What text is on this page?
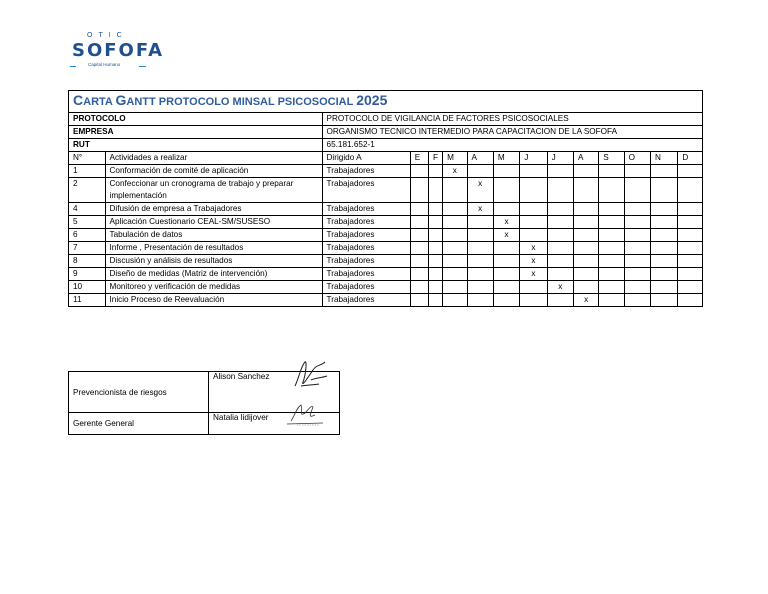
OTIC
SOFOFA
Capital Humano
CARTA GANTT PROTOCOLO MINSAL PSICOSOCIAL 2025														
PROTOCOLO		PROTOCOLO DE VIGILANCIA DE FACTORES PSICOSOCIALES												
EMPRESA		ORGANISMO TECNICO INTERMEDIO PARA CAPACITACION DE LA SOFOFA												
RUT		65.181.652-1												
N°	Actividades a realizar	Dirigido A	E	F	M	A	M	J	J	A	S	O	N	D
1	Conformación de comité de aplicación	Trabajadores			x									
2	Confeccionar un cronograma de trabajo y preparar implementación	Trabajadores				x								
4	Difusión de empresa a Trabajadores	Trabajadores				x								
5	Aplicación Cuestionario CEAL-SM/SUSESO	Trabajadores					x							
6	Tabulación de datos	Trabajadores					x							
7	Informe , Presentación de resultados	Trabajadores						x						
8	Discusión y análisis de resultados	Trabajadores						x						
9	Diseño de medidas (Matriz de intervención)	Trabajadores						x						
10	Monitoreo y verificación de medidas	Trabajadores							x					
11	Inicio Proceso de Reevaluación	Trabajadores								x				
Prevencionista de riesgos	Alison Sanchez

Gerente General	Natalia lidijover
